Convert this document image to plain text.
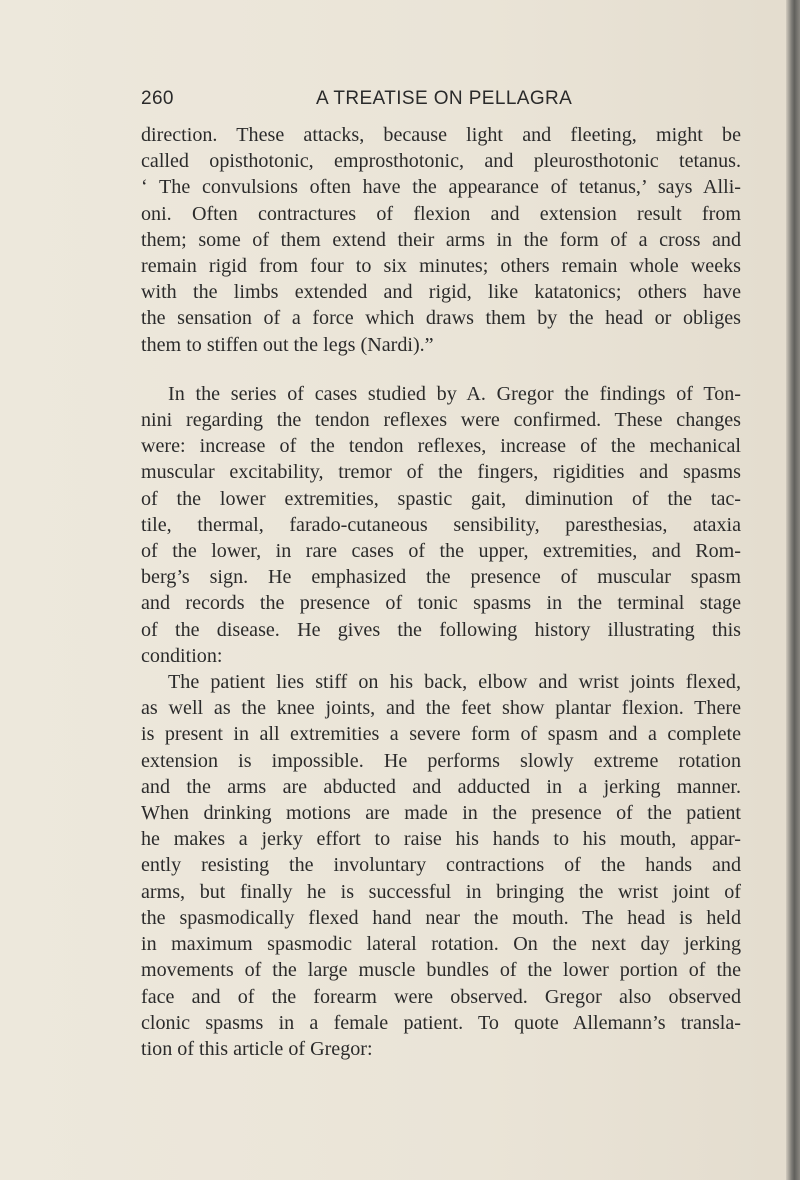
260	A TREATISE ON PELLAGRA
direction. These attacks, because light and fleeting, might be
called opisthotonic, emprosthotonic, and pleurosthotonic tetanus.
‘ The convulsions often have the appearance of tetanus,’ says Alli-
oni. Often contractures of flexion and extension result from
them; some of them extend their arms in the form of a cross and
remain rigid from four to six minutes; others remain whole weeks
with the limbs extended and rigid, like katatonics; others have
the sensation of a force which draws them by the head or obliges
them to stiffen out the legs (Nardi).”
In the series of cases studied by A. Gregor the findings of Ton-
nini regarding the tendon reflexes were confirmed. These changes
were: increase of the tendon reflexes, increase of the mechanical
muscular excitability, tremor of the fingers, rigidities and spasms
of the lower extremities, spastic gait, diminution of the tac-
tile, thermal, farado-cutaneous sensibility, paresthesias, ataxia
of the lower, in rare cases of the upper, extremities, and Rom-
berg’s sign. He emphasized the presence of muscular spasm
and records the presence of tonic spasms in the terminal stage
of the disease. He gives the following history illustrating this
condition:
The patient lies stiff on his back, elbow and wrist joints flexed,
as well as the knee joints, and the feet show plantar flexion. There
is present in all extremities a severe form of spasm and a complete
extension is impossible. He performs slowly extreme rotation
and the arms are abducted and adducted in a jerking manner.
When drinking motions are made in the presence of the patient
he makes a jerky effort to raise his hands to his mouth, appar-
ently resisting the involuntary contractions of the hands and
arms, but finally he is successful in bringing the wrist joint of
the spasmodically flexed hand near the mouth. The head is held
in maximum spasmodic lateral rotation. On the next day jerking
movements of the large muscle bundles of the lower portion of the
face and of the forearm were observed. Gregor also observed
clonic spasms in a female patient. To quote Allemann’s transla-
tion of this article of Gregor:
